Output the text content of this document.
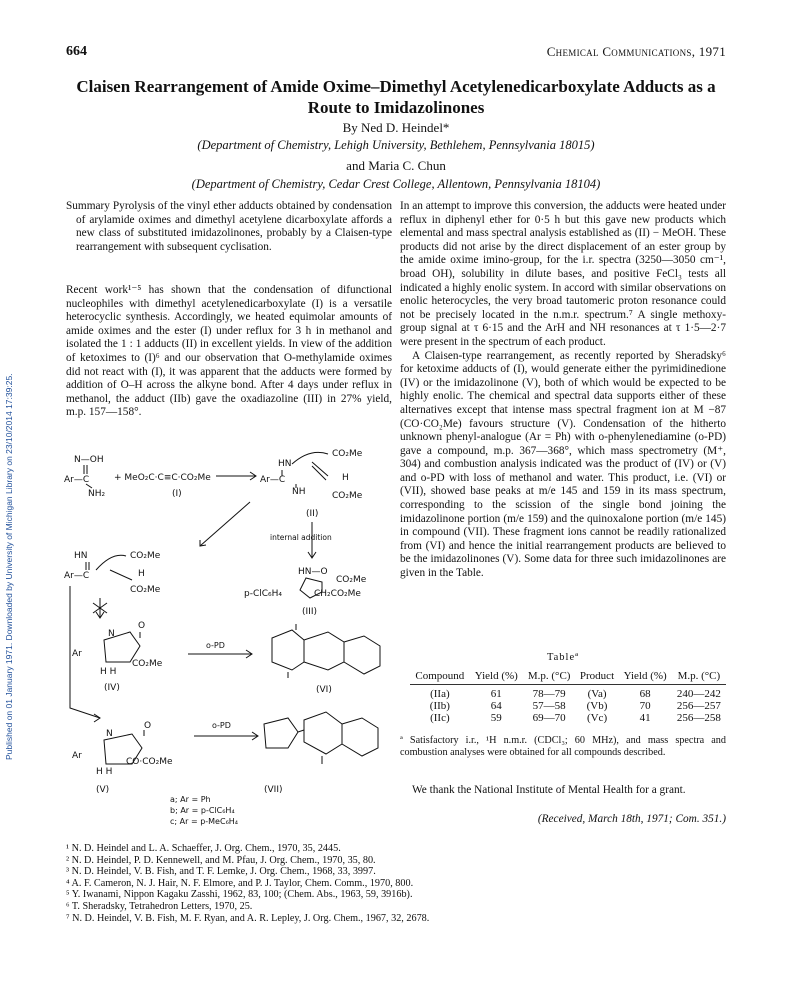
Published on 01 January 1971. Downloaded by University of Michigan Library on 23/10/2014 17:39:25.
664	Chemical Communications, 1971
Claisen Rearrangement of Amide Oxime–Dimethyl Acetylenedicarboxylate Adducts as a Route to Imidazolinones
By Ned D. Heindel*
(Department of Chemistry, Lehigh University, Bethlehem, Pennsylvania 18015)
and Maria C. Chun
(Department of Chemistry, Cedar Crest College, Allentown, Pennsylvania 18104)

Summary Pyrolysis of the vinyl ether adducts obtained by condensation of arylamide oximes and dimethyl acetylene dicarboxylate affords a new class of substituted imidazolinones, probably by a Claisen-type rearrangement with subsequent cyclisation.

Recent work¹⁻⁵ has shown that the condensation of difunctional nucleophiles with dimethyl acetylenedicarboxylate (I) is a versatile heterocyclic synthesis. Accordingly, we heated equimolar amounts of amide oximes and the ester (I) under reflux for 3 h in methanol and isolated the 1 : 1 adducts (II) in excellent yields. In view of the addition of ketoximes to (I)⁶ and our observation that O-methylamide oximes did not react with (I), it was apparent that the adducts were formed by addition of O–H across the alkyne bond. After 4 days under reflux in methanol, the adduct (IIb) gave the oxadiazoline (III) in 27% yield, m.p. 157—158°.

In an attempt to improve this conversion, the adducts were heated under reflux in diphenyl ether for 0·5 h but this gave new products which elemental and mass spectral analysis established as (II) − MeOH. These products did not arise by the direct displacement of an ester group by the amide oxime imino-group, for the i.r. spectra (3250—3050 cm⁻¹, broad OH), solubility in dilute bases, and positive FeCl₃ tests all indicated a highly enolic system. In accord with similar observations on enolic heterocycles, the very broad tautomeric proton resonance could not be precisely located in the n.m.r. spectrum.⁷ A single methoxy-group signal at τ 6·15 and the ArH and NH resonances at τ 1·5—2·7 were present in the spectrum of each product.

A Claisen-type rearrangement, as recently reported by Sheradsky⁶ for ketoxime adducts of (I), would generate either the pyrimidinedione (IV) or the imidazolinone (V), both of which would be expected to be highly enolic. The chemical and spectral data supports either of these alternatives except that intense mass spectral fragment ion at M −87 (CO·CO₂Me) favours structure (V). Condensation of the hitherto unknown phenyl-analogue (Ar = Ph) with o-phenylenediamine (o-PD) gave a compound, m.p. 367—368°, which mass spectrometry (M⁺, 304) and combustion analysis indicated was the product of (IV) or (V) and o-PD with loss of methanol and water. This product, i.e. (VI) or (VII), showed base peaks at m/e 145 and 159 in its mass spectrum, corresponding to the scission of the single bond joining the imidazolinone portion (m/e 159) and the quinoxalone portion (m/e 145) in compound (VII). These fragment ions cannot be readily rationalized from (VI) and hence the initial rearrangement products are believed to be the imidazolinones (V). Some data for three such imidazolinones are given in the Table.

N—OH
Ar—C
NH₂
+ MeO₂C·C≡C·CO₂Me
(I)
HN
Ar—C
CO₂Me
H
NH	CO₂Me
(II)
internal addition
HN—O
CO₂Me
p-ClC₆H₄	CH₂CO₂Me
(III)
HN
Ar—C
CO₂Me
H
CO₂Me
Ar
N
O
H H
CO₂Me
(IV)
o-PD
(VI)
Ar
N
O
H H
CO·CO₂Me
(V)
o-PD
(VII)
a; Ar = Ph
b; Ar = p-ClC₆H₄
c; Ar = p-MeC₆H₄
Tableª
Compound	Yield (%)	M.p. (°C)	Product	Yield (%)	M.p. (°C)
(IIa)	61	78—79	(Va)	68	240—242
(IIb)	64	57—58	(Vb)	70	256—257
(IIc)	59	69—70	(Vc)	41	256—258
ª Satisfactory i.r., ¹H n.m.r. (CDCl₃; 60 MHz), and mass spectra and combustion analyses were obtained for all compounds described.
We thank the National Institute of Mental Health for a grant.
(Received, March 18th, 1971; Com. 351.)
¹ N. D. Heindel and L. A. Schaeffer, J. Org. Chem., 1970, 35, 2445.
² N. D. Heindel, P. D. Kennewell, and M. Pfau, J. Org. Chem., 1970, 35, 80.
³ N. D. Heindel, V. B. Fish, and T. F. Lemke, J. Org. Chem., 1968, 33, 3997.
⁴ A. F. Cameron, N. J. Hair, N. F. Elmore, and P. J. Taylor, Chem. Comm., 1970, 800.
⁵ Y. Iwanami, Nippon Kagaku Zasshi, 1962, 83, 100; (Chem. Abs., 1963, 59, 3916b).
⁶ T. Sheradsky, Tetrahedron Letters, 1970, 25.
⁷ N. D. Heindel, V. B. Fish, M. F. Ryan, and A. R. Lepley, J. Org. Chem., 1967, 32, 2678.
